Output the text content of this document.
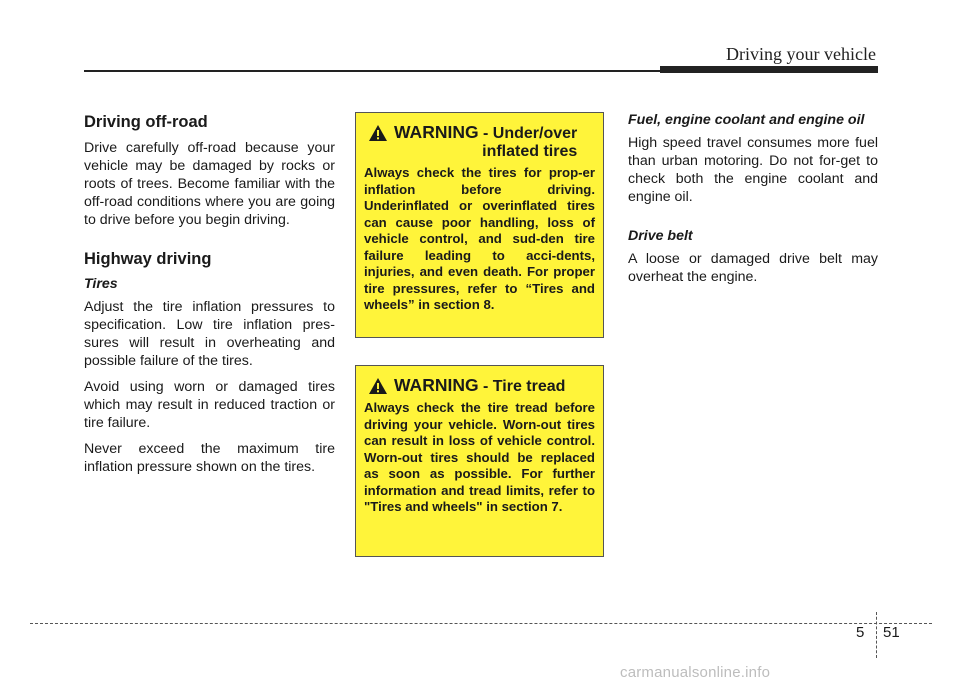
Driving your vehicle
Driving off-road

Drive carefully off-road because your vehicle may be damaged by rocks or roots of trees. Become familiar with the off-road conditions where you are going to drive before you begin driving.

Highway driving
Tires

Adjust the tire inflation pressures to specification. Low tire inflation pres-sures will result in overheating and possible failure of the tires.

Avoid using worn or damaged tires which may result in reduced traction or tire failure.

Never exceed the maximum tire inflation pressure shown on the tires.

WARNING - Under/over
inflated tires

Always check the tires for prop-er inflation before driving. Underinflated or overinflated tires can cause poor handling, loss of vehicle control, and sud-den tire failure leading to acci-dents, injuries, and even death. For proper tire pressures, refer to “Tires and wheels” in section 8.

WARNING - Tire tread

Always check the tire tread before driving your vehicle. Worn-out tires can result in loss of vehicle control. Worn-out tires should be replaced as soon as possible. For further information and tread limits, refer to "Tires and wheels" in section 7.

Fuel, engine coolant and engine oil

High speed travel consumes more fuel than urban motoring. Do not for-get to check both the engine coolant and engine oil.

Drive belt

A loose or damaged drive belt may overheat the engine.

5 51
carmanualsonline.info
